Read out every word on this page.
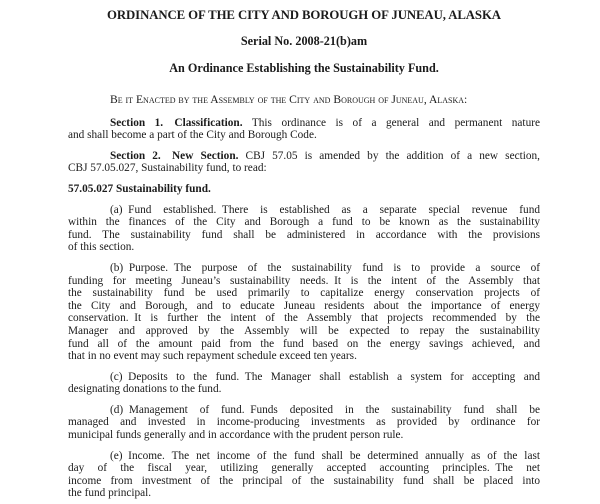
ORDINANCE OF THE CITY AND BOROUGH OF JUNEAU, ALASKA
Serial No. 2008-21(b)am
An Ordinance Establishing the Sustainability Fund.
Be it Enacted by the Assembly of the City and Borough of Juneau, Alaska:
Section 1.  Classification. This ordinance is of a general and permanent nature
and shall become a part of the City and Borough Code.
Section 2.  New Section. CBJ 57.05 is amended by the addition of a new section,
CBJ 57.05.027, Sustainability fund, to read:
57.05.027 Sustainability fund.
(a) Fund established. There is established as a separate special revenue fund
within the finances of the City and Borough a fund to be known as the sustainability
fund. The sustainability fund shall be administered in accordance with the provisions
of this section.
(b) Purpose. The purpose of the sustainability fund is to provide a source of
funding for meeting Juneau’s sustainability needs. It is the intent of the Assembly that
the sustainability fund be used primarily to capitalize energy conservation projects of
the City and Borough, and to educate Juneau residents about the importance of energy
conservation. It is further the intent of the Assembly that projects recommended by the
Manager and approved by the Assembly will be expected to repay the sustainability
fund all of the amount paid from the fund based on the energy savings achieved, and
that in no event may such repayment schedule exceed ten years.
(c) Deposits to the fund. The Manager shall establish a system for accepting and
designating donations to the fund.
(d) Management of fund. Funds deposited in the sustainability fund shall be
managed and invested in income-producing investments as provided by ordinance for
municipal funds generally and in accordance with the prudent person rule.
(e) Income. The net income of the fund shall be determined annually as of the last
day of the fiscal year, utilizing generally accepted accounting principles. The net
income from investment of the principal of the sustainability fund shall be placed into
the fund principal.
